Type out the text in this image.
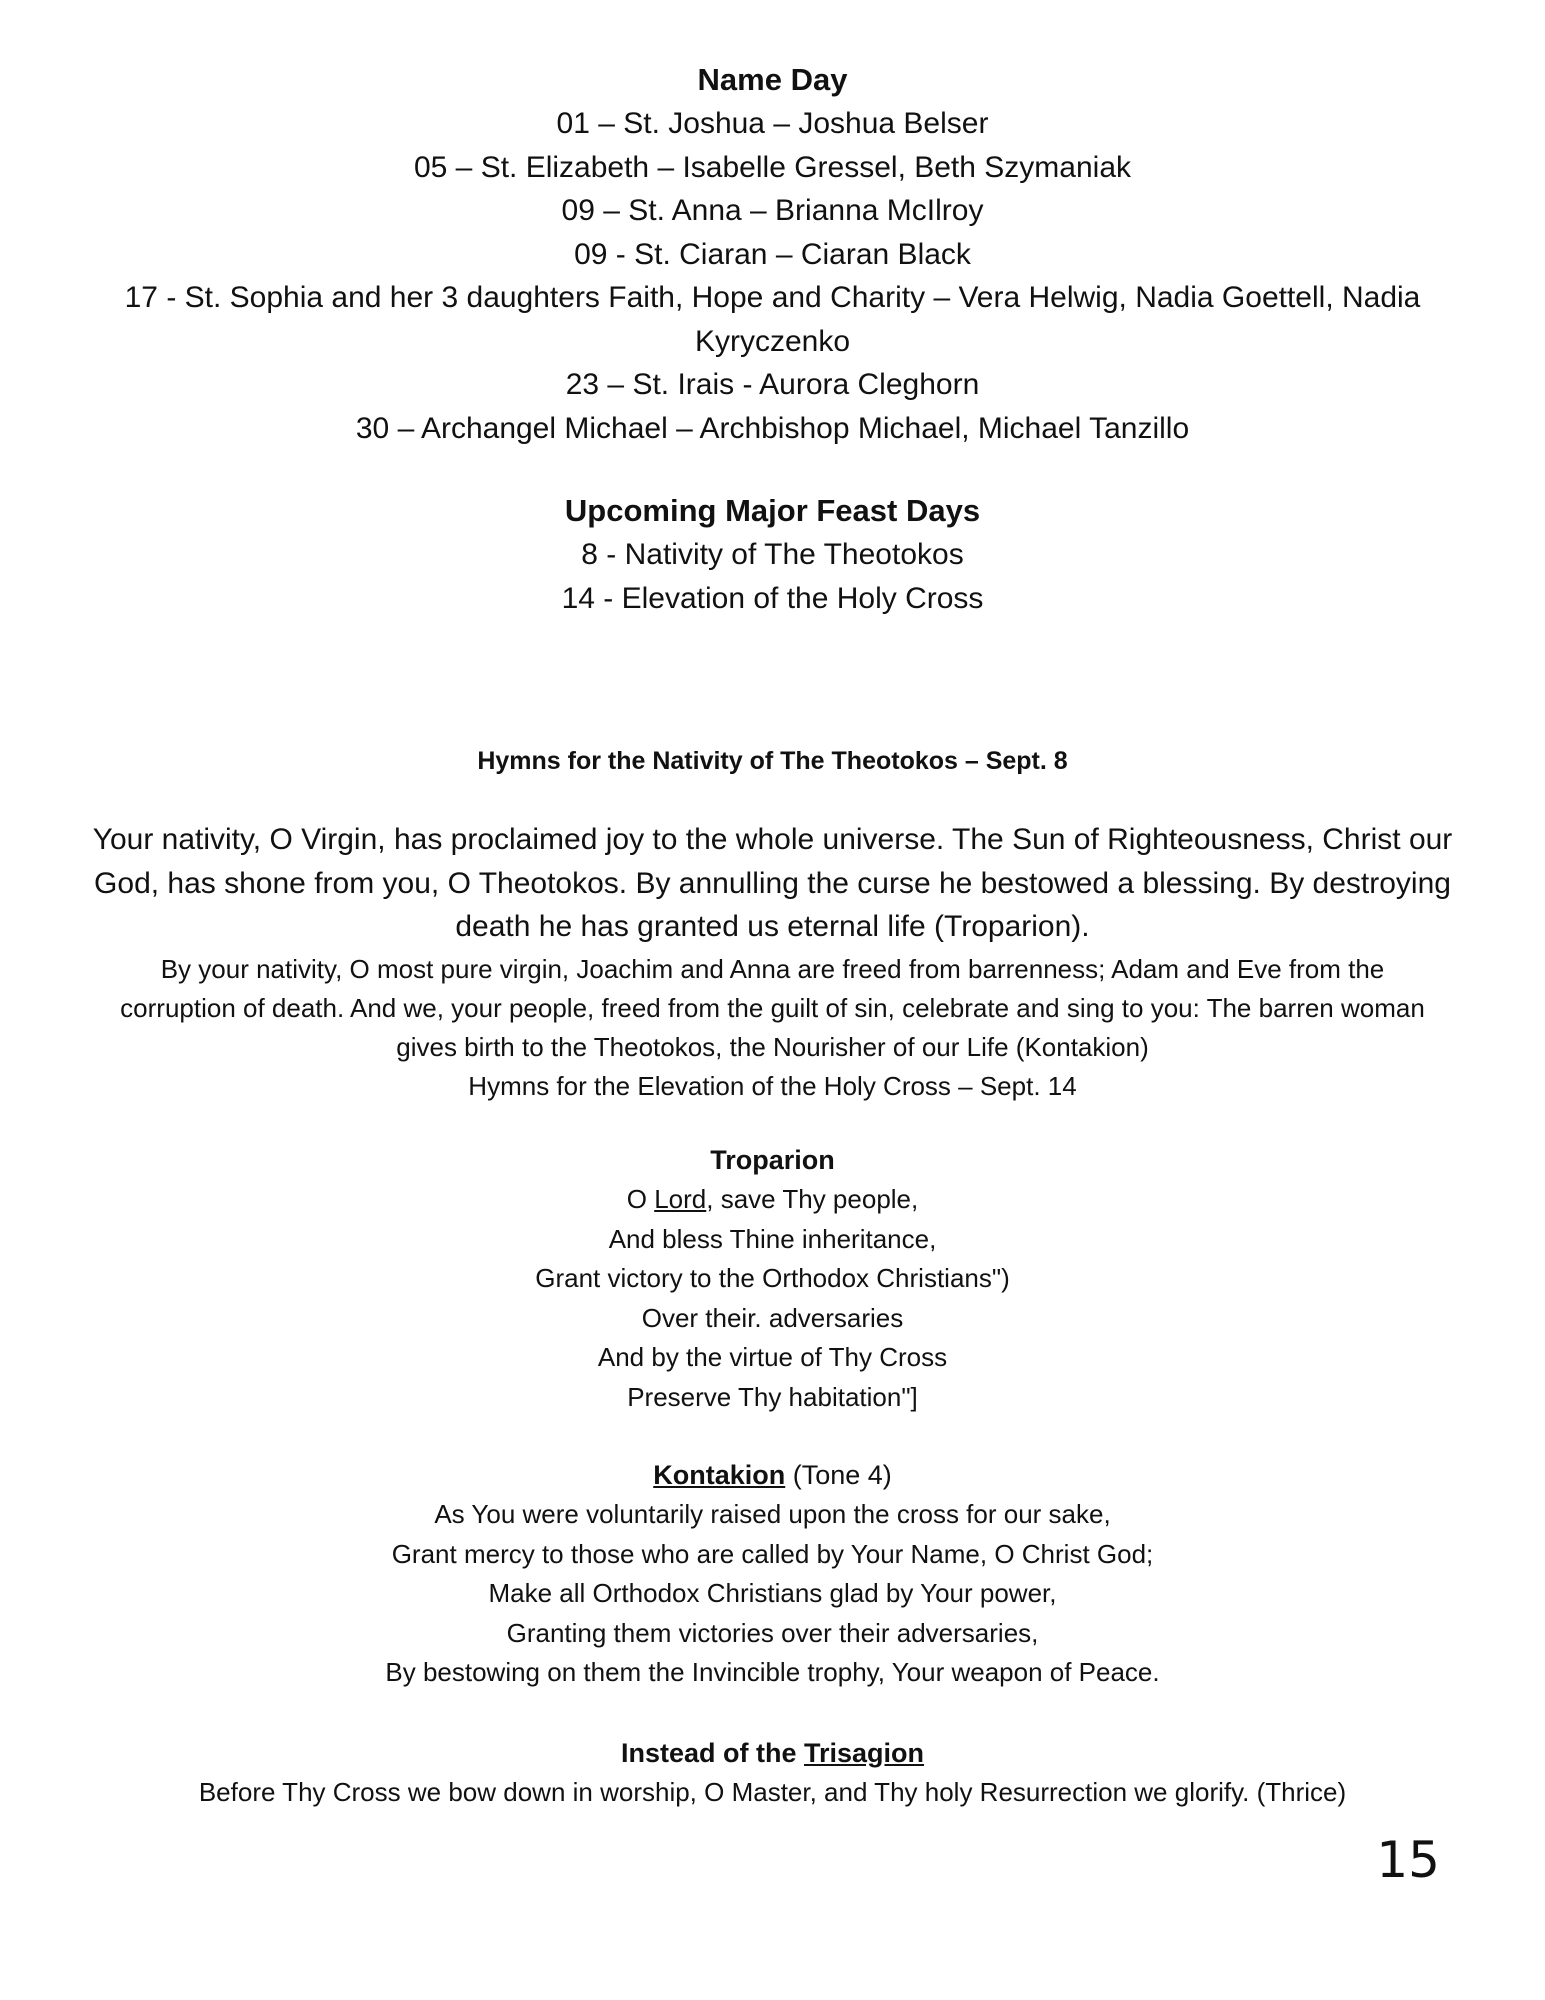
Name Day

01 – St. Joshua – Joshua Belser

05 – St. Elizabeth – Isabelle Gressel, Beth Szymaniak

09 – St. Anna – Brianna McIlroy

09 - St. Ciaran – Ciaran Black

17 - St. Sophia and her 3 daughters Faith, Hope and Charity – Vera Helwig, Nadia Goettell, Nadia Kyryczenko

23 – St. Irais - Aurora Cleghorn

30 – Archangel Michael – Archbishop Michael, Michael Tanzillo

Upcoming Major Feast Days

8 - Nativity of The Theotokos

14 - Elevation of the Holy Cross

Hymns for the Nativity of The Theotokos – Sept. 8

Your nativity, O Virgin, has proclaimed joy to the whole universe. The Sun of Righteousness, Christ our God, has shone from you, O Theotokos. By annulling the curse he bestowed a blessing. By destroying death he has granted us eternal life (Troparion).

By your nativity, O most pure virgin, Joachim and Anna are freed from barrenness; Adam and Eve from the corruption of death. And we, your people, freed from the guilt of sin, celebrate and sing to you: The barren woman gives birth to the Theotokos, the Nourisher of our Life (Kontakion)

Hymns for the Elevation of the Holy Cross – Sept. 14

Troparion

O Lord, save Thy people,

And bless Thine inheritance,

Grant victory to the Orthodox Christians")

Over their. adversaries

And by the virtue of Thy Cross

Preserve Thy habitation"]

Kontakion (Tone 4)

As You were voluntarily raised upon the cross for our sake,

Grant mercy to those who are called by Your Name, O Christ God;

Make all Orthodox Christians glad by Your power,

Granting them victories over their adversaries,

By bestowing on them the Invincible trophy, Your weapon of Peace.

Instead of the Trisagion

Before Thy Cross we bow down in worship, O Master, and Thy holy Resurrection we glorify. (Thrice)

15
